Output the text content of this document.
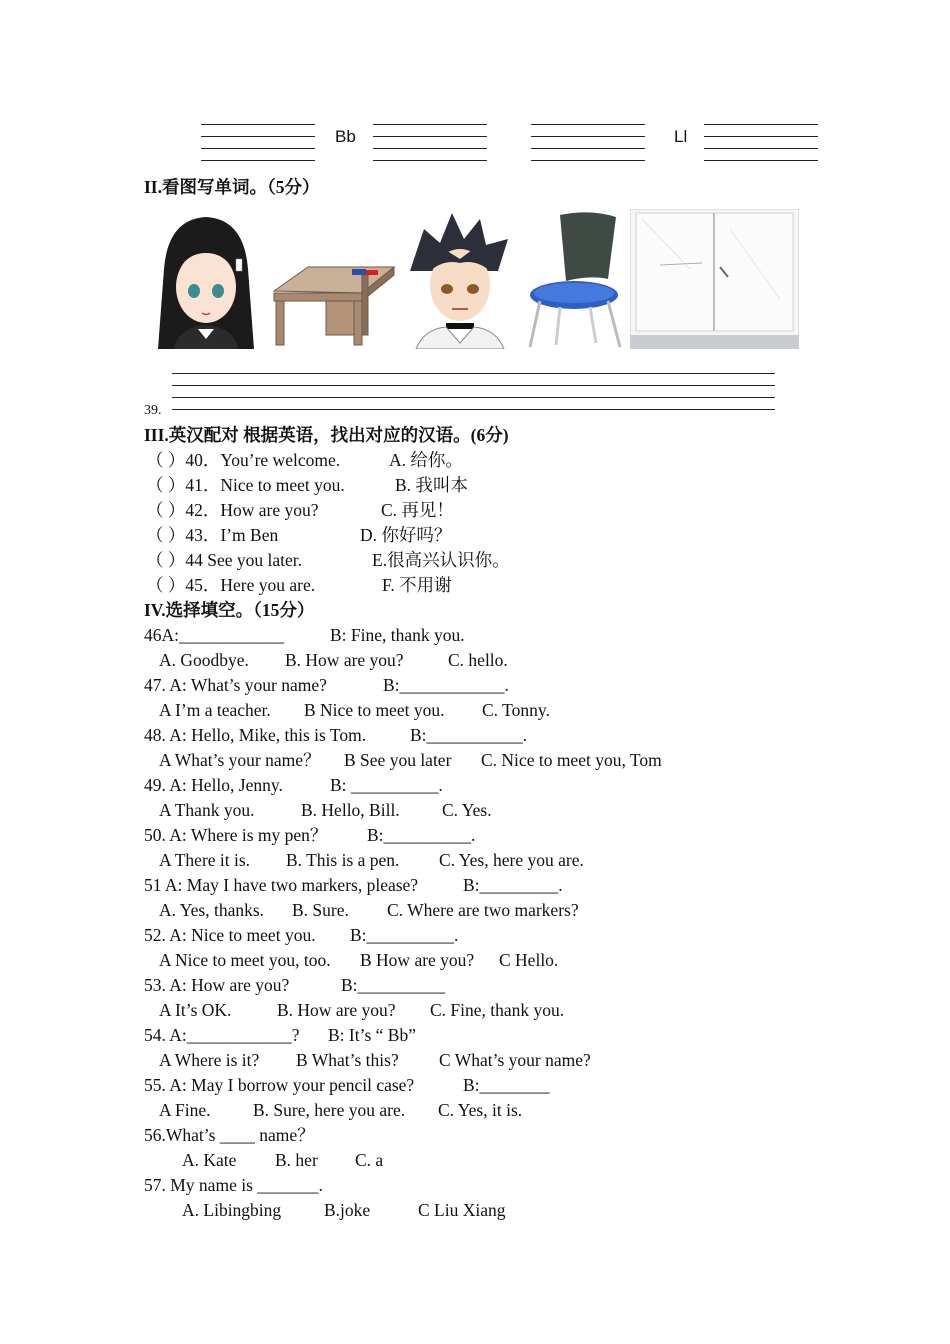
Bb	Ll
II.看图写单词。（5分）
39.
III.英汉配对 根据英语，找出对应的汉语。(6分)
（ ）40．You’re welcome.	A. 给你。
（ ）41．Nice to meet you.	B. 我叫本
（ ）42．How are you?	C. 再见！
（ ）43．I’m Ben	D. 你好吗？
（ ）44 See you later.	E.很高兴认识你。
（ ）45．Here you are.	F. 不用谢
IV.选择填空。（15分）
46A:____________	B: Fine, thank you.
A. Goodbye. B. How are you?	C. hello.
47. A: What’s your name?	B:____________.
A I’m a teacher. B Nice to meet you. C. Tonny.
48. A: Hello, Mike, this is Tom.	B:___________.
A What’s your name？ B See you later C. Nice to meet you, Tom
49. A: Hello, Jenny.	B: __________.
A Thank you.	B. Hello, Bill. C. Yes.
50. A: Where is my pen？ B:__________.
A There it is. B. This is a pen. C. Yes, here you are.
51 A: May I have two markers, please?	B:_________.
A. Yes, thanks. B. Sure. C. Where are two markers?
52. A: Nice to meet you. B:__________.
A Nice to meet you, too. B How are you? C Hello.
53. A: How are you?	B:__________
A It’s OK.	B. How are you? C. Fine, thank you.
54. A:____________? B: It’s “ Bb”
A Where is it? B What’s this? C What’s your name?
55. A: May I borrow your pencil case?	B:________
A Fine. B. Sure, here you are. C. Yes, it is.
56.What’s ____ name？
A. Kate B. her C. a
57. My name is _______.
A. Libingbing B.joke	C Liu Xiang
